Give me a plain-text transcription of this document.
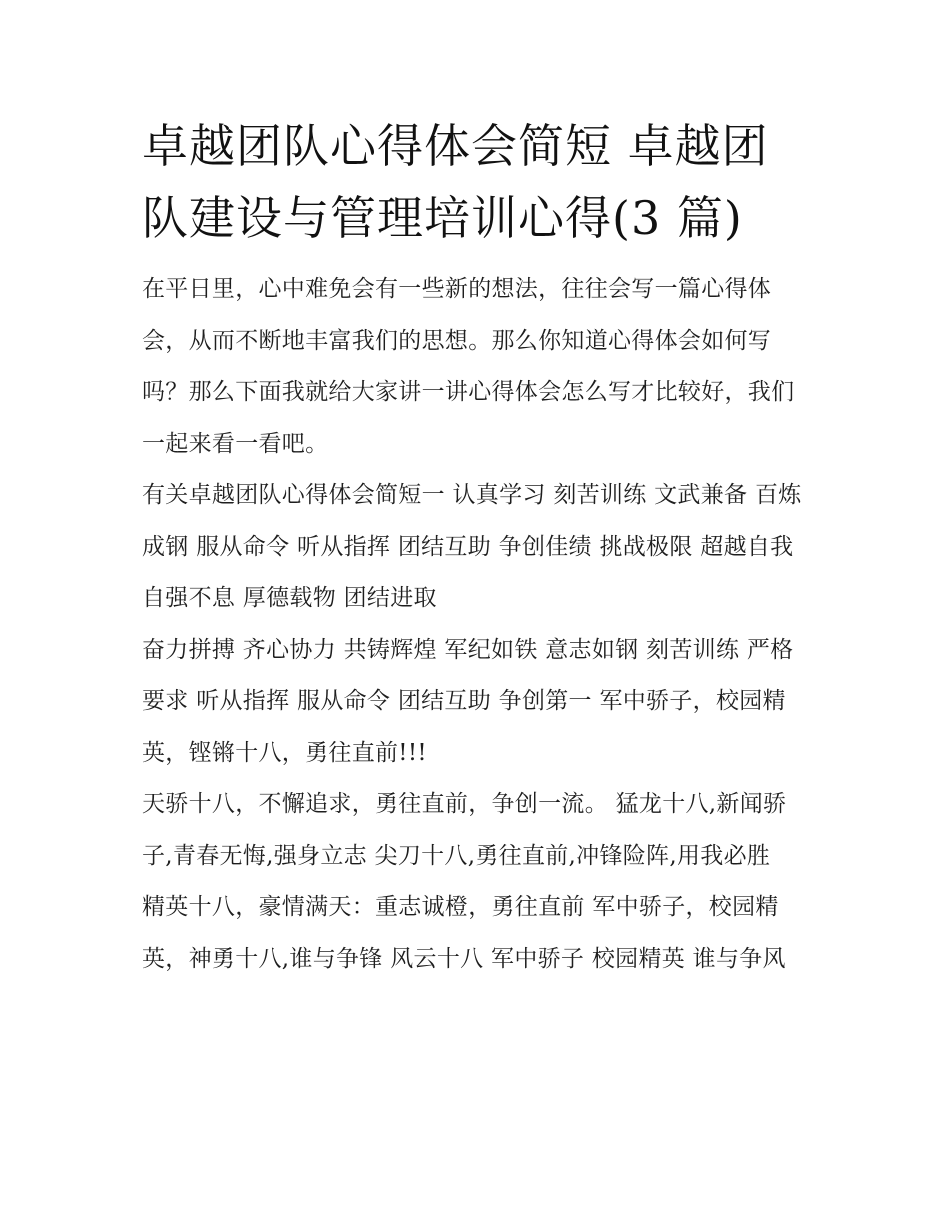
卓越团队心得体会简短 卓越团队建设与管理培训心得(3 篇)

在平日里，心中难免会有一些新的想法，往往会写一篇心得体会，从而不断地丰富我们的思想。那么你知道心得体会如何写吗？那么下面我就给大家讲一讲心得体会怎么写才比较好，我们一起来看一看吧。

有关卓越团队心得体会简短一 认真学习 刻苦训练 文武兼备 百炼成钢 服从命令 听从指挥 团结互助 争创佳绩 挑战极限 超越自我 自强不息 厚德载物 团结进取

奋力拼搏 齐心协力 共铸辉煌 军纪如铁 意志如钢 刻苦训练 严格要求 听从指挥 服从命令 团结互助 争创第一 军中骄子，校园精英，铿锵十八，勇往直前!!!

天骄十八，不懈追求，勇往直前，争创一流。 猛龙十八,新闻骄子,青春无悔,强身立志 尖刀十八,勇往直前,冲锋险阵,用我必胜

精英十八，豪情满天：重志诚橙，勇往直前 军中骄子，校园精英，神勇十八,谁与争锋 风云十八 军中骄子 校园精英 谁与争风
